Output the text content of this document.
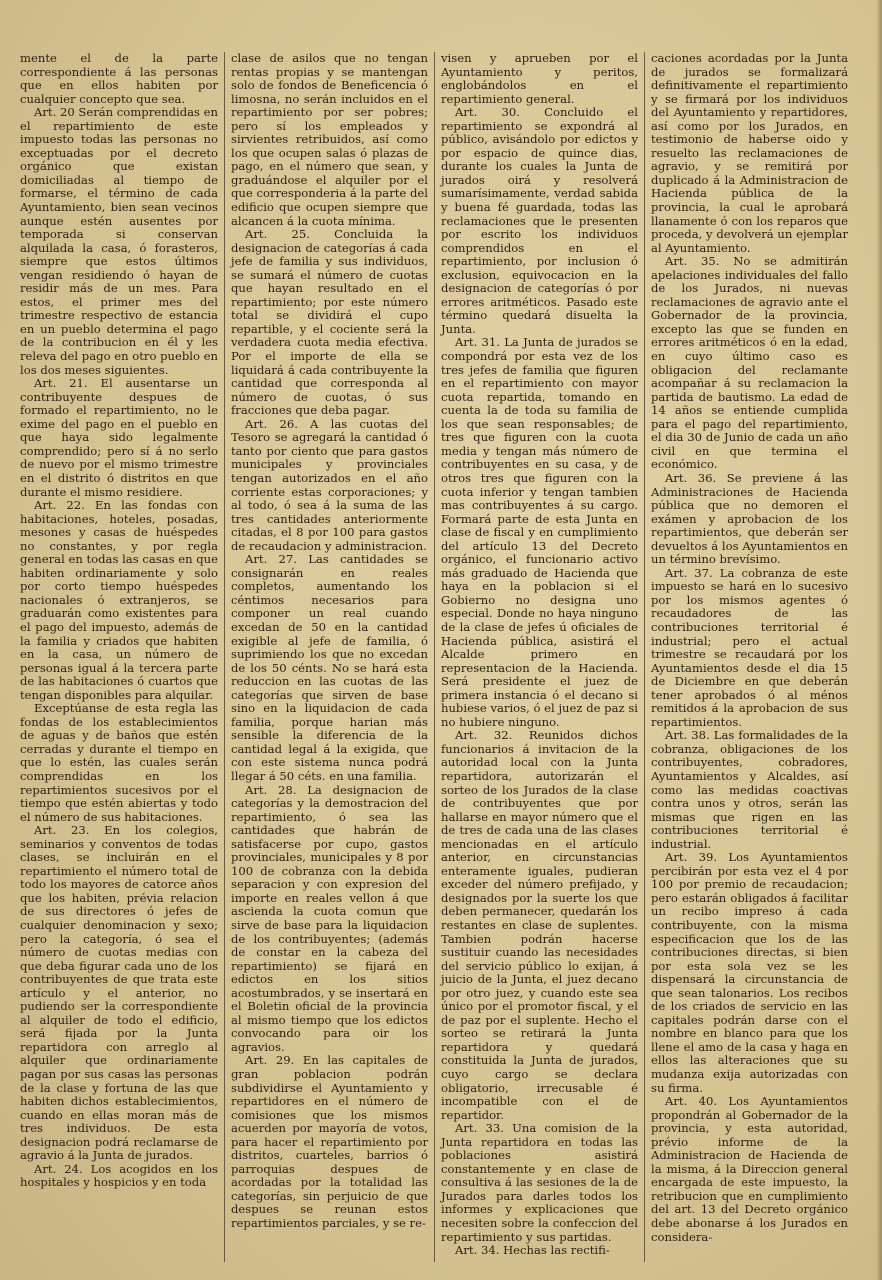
mente el de la parte correspondiente á las personas que en ellos habiten por cualquier concepto que sea.

Art. 20 Serán comprendidas en el repartimiento de este impuesto todas las personas no exceptuadas por el decreto orgánico que existan domiciliadas al tiempo de formarse, el término de cada Ayuntamiento, bien sean vecinos aunque estén ausentes por temporada si conservan alquilada la casa, ó forasteros, siempre que estos últimos vengan residiendo ó hayan de residir más de un mes. Para estos, el primer mes del trimestre respectivo de estancia en un pueblo determina el pago de la contribucion en él y les releva del pago en otro pueblo en los dos meses siguientes.

Art. 21. El ausentarse un contribuyente despues de formado el repartimiento, no le exime del pago en el pueblo en que haya sido legalmente comprendido; pero sí á no serlo de nuevo por el mismo trimestre en el distrito ó distritos en que durante el mismo residiere.

Art. 22. En las fondas con habitaciones, hoteles, posadas, mesones y casas de huéspedes no constantes, y por regla general en todas las casas en que habiten ordinariamente y solo por corto tiempo huéspedes nacionales ó extranjeros, se graduarán como existentes para el pago del impuesto, además de la familia y criados que habiten en la casa, un número de personas igual á la tercera parte de las habitaciones ó cuartos que tengan disponibles para alquilar.

Exceptúanse de esta regla las fondas de los establecimientos de aguas y de baños que estén cerradas y durante el tiempo en que lo estén, las cuales serán comprendidas en los repartimientos sucesivos por el tiempo que estén abiertas y todo el número de sus habitaciones.

Art. 23. En los colegios, seminarios y conventos de todas clases, se incluirán en el repartimiento el número total de todo los mayores de catorce años que los habiten, prévia relacion de sus directores ó jefes de cualquier denominacion y sexo; pero la categoría, ó sea el número de cuotas medias con que deba figurar cada uno de los contribuyentes de que trata este artículo y el anterior, no pudiendo ser la correspondiente al alquiler de todo el edificio, será fijada por la Junta repartidora con arreglo al alquiler que ordinariamente pagan por sus casas las personas de la clase y fortuna de las que habiten dichos establecimientos, cuando en ellas moran más de tres individuos. De esta designacion podrá reclamarse de agravio á la Junta de jurados.

Art. 24. Los acogidos en los hospitales y hospicios y en toda

clase de asilos que no tengan rentas propias y se mantengan solo de fondos de Beneficencia ó limosna, no serán incluidos en el repartimiento por ser pobres; pero sí los empleados y sirvientes retribuidos, así como los que ocupen salas ó plazas de pago, en el número que sean, y graduándose el alquiler por el que corresponderia á la parte del edificio que ocupen siempre que alcancen á la cuota mínima.

Art. 25. Concluida la designacion de categorías á cada jefe de familia y sus individuos, se sumará el número de cuotas que hayan resultado en el repartimiento; por este número total se dividirá el cupo repartible, y el cociente será la verdadera cuota media efectiva. Por el importe de ella se liquidará á cada contribuyente la cantidad que corresponda al número de cuotas, ó sus fracciones que deba pagar.

Art. 26. A las cuotas del Tesoro se agregará la cantidad ó tanto por ciento que para gastos municipales y provinciales tengan autorizados en el año corriente estas corporaciones; y al todo, ó sea á la suma de las tres cantidades anteriormente citadas, el 8 por 100 para gastos de recaudacion y administracion.

Art. 27. Las cantidades se consignarán en reales completos, aumentando los céntimos necesarios para componer un real cuando excedan de 50 en la cantidad exigible al jefe de familia, ó suprimiendo los que no excedan de los 50 cénts. No se hará esta reduccion en las cuotas de las categorías que sirven de base sino en la liquidacion de cada familia, porque harian más sensible la diferencia de la cantidad legal á la exigida, que con este sistema nunca podrá llegar á 50 céts. en una familia.

Art. 28. La designacion de categorías y la demostracion del repartimiento, ó sea las cantidades que habrán de satisfacerse por cupo, gastos provinciales, municipales y 8 por 100 de cobranza con la debida separacion y con expresion del importe en reales vellon á que ascienda la cuota comun que sirve de base para la liquidacion de los contribuyentes; (además de constar en la cabeza del repartimiento) se fijará en edictos en los sitios acostumbrados, y se insertará en el Boletin oficial de la provincia al mismo tiempo que los edictos convocando para oir los agravios.

Art. 29. En las capitales de gran poblacion podrán subdividirse el Ayuntamiento y repartidores en el número de comisiones que los mismos acuerden por mayoría de votos, para hacer el repartimiento por distritos, cuarteles, barrios ó parroquias despues de acordadas por la totalidad las categorías, sin perjuicio de que despues se reunan estos repartimientos parciales, y se re-

visen y aprueben por el Ayuntamiento y peritos, englobándolos en el repartimiento general.

Art. 30. Concluido el repartimiento se expondrá al público, avisándolo por edictos y por espacio de quince dias, durante los cuales la Junta de jurados oirá y resolverá sumarísimamente, verdad sabida y buena fé guardada, todas las reclamaciones que le presenten por escrito los individuos comprendidos en el repartimiento, por inclusion ó exclusion, equivocacion en la designacion de categorías ó por errores aritméticos. Pasado este término quedará disuelta la Junta.

Art. 31. La Junta de jurados se compondrá por esta vez de los tres jefes de familia que figuren en el repartimiento con mayor cuota repartida, tomando en cuenta la de toda su familia de los que sean responsables; de tres que figuren con la cuota media y tengan más número de contribuyentes en su casa, y de otros tres que figuren con la cuota inferior y tengan tambien mas contribuyentes á su cargo. Formará parte de esta Junta en clase de fiscal y en cumplimiento del artículo 13 del Decreto orgánico, el funcionario activo más graduado de Hacienda que haya en la poblacion si el Gobierno no designa uno especial. Donde no haya ninguno de la clase de jefes ú oficiales de Hacienda pública, asistirá el Alcalde primero en representacion de la Hacienda. Será presidente el juez de primera instancia ó el decano si hubiese varios, ó el juez de paz si no hubiere ninguno.

Art. 32. Reunidos dichos funcionarios á invitacion de la autoridad local con la Junta repartidora, autorizarán el sorteo de los Jurados de la clase de contribuyentes que por hallarse en mayor número que el de tres de cada una de las clases mencionadas en el artículo anterior, en circunstancias enteramente iguales, pudieran exceder del número prefijado, y designados por la suerte los que deben permanecer, quedarán los restantes en clase de suplentes. Tambien podrán hacerse sustituir cuando las necesidades del servicio público lo exijan, á juicio de la Junta, el juez decano por otro juez, y cuando este sea único por el promotor fiscal, y el de paz por el suplente. Hecho el sorteo se retirará la Junta repartidora y quedará constituida la Junta de jurados, cuyo cargo se declara obligatorio, irrecusable é incompatible con el de repartidor.

Art. 33. Una comision de la Junta repartidora en todas las poblaciones asistirá constantemente y en clase de consultiva á las sesiones de la de Jurados para darles todos los informes y explicaciones que necesiten sobre la confeccion del repartimiento y sus partidas.

Art. 34. Hechas las rectifi-

caciones acordadas por la Junta de jurados se formalizará definitivamente el repartimiento y se firmará por los individuos del Ayuntamiento y repartidores, así como por los Jurados, en testimonio de haberse oido y resuelto las reclamaciones de agravio, y se remitirá por duplicado á la Administracion de Hacienda pública de la provincia, la cual le aprobará llanamente ó con los reparos que proceda, y devolverá un ejemplar al Ayuntamiento.

Art. 35. No se admitirán apelaciones individuales del fallo de los Jurados, ni nuevas reclamaciones de agravio ante el Gobernador de la provincia, excepto las que se funden en errores aritméticos ó en la edad, en cuyo último caso es obligacion del reclamante acompañar á su reclamacion la partida de bautismo. La edad de 14 años se entiende cumplida para el pago del repartimiento, el dia 30 de Junio de cada un año civil en que termina el económico.

Art. 36. Se previene á las Administraciones de Hacienda pública que no demoren el exámen y aprobacion de los repartimientos, que deberán ser devueltos á los Ayuntamientos en un término brevísimo.

Art. 37. La cobranza de este impuesto se hará en lo sucesivo por los mismos agentes ó recaudadores de las contribuciones territorial é industrial; pero el actual trimestre se recaudará por los Ayuntamientos desde el dia 15 de Diciembre en que deberán tener aprobados ó al ménos remitidos á la aprobacion de sus repartimientos.

Art. 38. Las formalidades de la cobranza, obligaciones de los contribuyentes, cobradores, Ayuntamientos y Alcaldes, así como las medidas coactivas contra unos y otros, serán las mismas que rigen en las contribuciones territorial é industrial.

Art. 39. Los Ayuntamientos percibirán por esta vez el 4 por 100 por premio de recaudacion; pero estarán obligados á facilitar un recibo impreso á cada contribuyente, con la misma especificacion que los de las contribuciones directas, si bien por esta sola vez se les dispensará la circunstancia de que sean talonarios. Los recibos de los criados de servicio en las capitales podrán darse con el nombre en blanco para que los llene el amo de la casa y haga en ellos las alteraciones que su mudanza exija autorizadas con su firma.

Art. 40. Los Ayuntamientos propondrán al Gobernador de la provincia, y esta autoridad, prévio informe de la Administracion de Hacienda de la misma, á la Direccion general encargada de este impuesto, la retribucion que en cumplimiento del art. 13 del Decreto orgánico debe abonarse á los Jurados en considera-
